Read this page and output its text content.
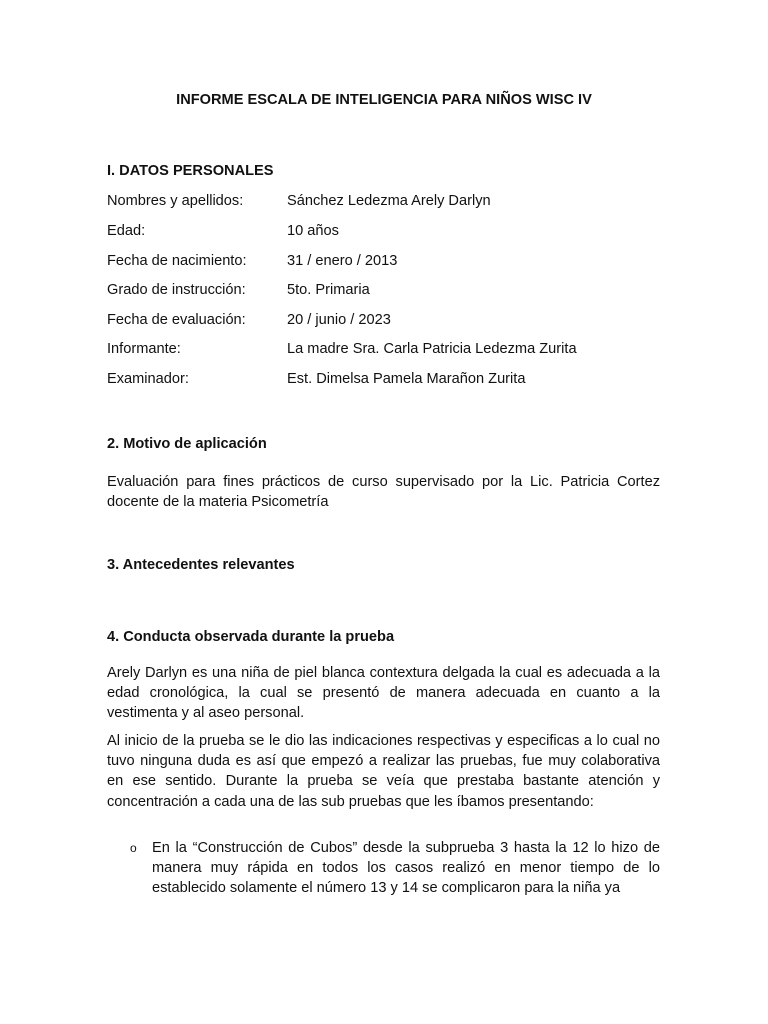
INFORME ESCALA DE INTELIGENCIA PARA NIÑOS WISC IV
I. DATOS PERSONALES
Nombres y apellidos:	Sánchez Ledezma Arely Darlyn
Edad:	10 años
Fecha de nacimiento:	31 / enero / 2013
Grado de instrucción:	5to. Primaria
Fecha de evaluación:	20 / junio / 2023
Informante:	La madre Sra. Carla Patricia Ledezma Zurita
Examinador:	Est. Dimelsa Pamela Marañon Zurita
2. Motivo de aplicación

Evaluación para fines prácticos de curso supervisado por la Lic. Patricia Cortez docente de la materia Psicometría

3. Antecedentes relevantes
4. Conducta observada durante la prueba

Arely Darlyn es una niña de piel blanca contextura delgada la cual es adecuada a la edad cronológica, la cual se presentó de manera adecuada en cuanto a la vestimenta y al aseo personal.

Al inicio de la prueba se le dio las indicaciones respectivas y especificas a lo cual no tuvo ninguna duda es así que empezó a realizar las pruebas, fue muy colaborativa en ese sentido. Durante la prueba se veía que prestaba bastante atención y concentración a cada una de las sub pruebas que les íbamos presentando:

o En la “Construcción de Cubos” desde la subprueba 3 hasta la 12 lo hizo de manera muy rápida en todos los casos realizó en menor tiempo de lo establecido solamente el número 13 y 14 se complicaron para la niña ya
